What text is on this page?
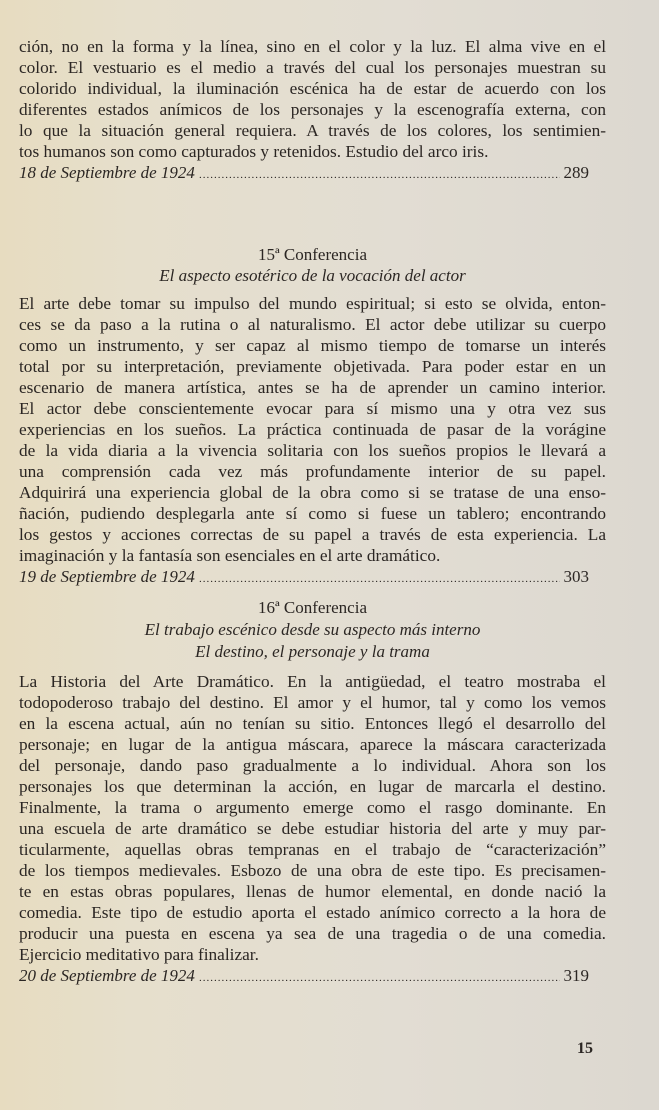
ción, no en la forma y la línea, sino en el color y la luz. El alma vive en el
color. El vestuario es el medio a través del cual los personajes muestran su
colorido individual, la iluminación escénica ha de estar de acuerdo con los
diferentes estados anímicos de los personajes y la escenografía externa, con
lo que la situación general requiera. A través de los colores, los sentimien-
tos humanos son como capturados y retenidos. Estudio del arco iris.
18 de Septiembre de 1924 .....	289
15ª Conferencia
El aspecto esotérico de la vocación del actor
El arte debe tomar su impulso del mundo espiritual; si esto se olvida, enton-
ces se da paso a la rutina o al naturalismo. El actor debe utilizar su cuerpo
como un instrumento, y ser capaz al mismo tiempo de tomarse un interés
total por su interpretación, previamente objetivada. Para poder estar en un
escenario de manera artística, antes se ha de aprender un camino interior.
El actor debe conscientemente evocar para sí mismo una y otra vez sus
experiencias en los sueños. La práctica continuada de pasar de la vorágine
de la vida diaria a la vivencia solitaria con los sueños propios le llevará a
una comprensión cada vez más profundamente interior de su papel.
Adquirirá una experiencia global de la obra como si se tratase de una enso-
ñación, pudiendo desplegarla ante sí como si fuese un tablero; encontrando
los gestos y acciones correctas de su papel a través de esta experiencia. La
imaginación y la fantasía son esenciales en el arte dramático.
19 de Septiembre de 1924 .....	303
16ª Conferencia
El trabajo escénico desde su aspecto más interno
El destino, el personaje y la trama
La Historia del Arte Dramático. En la antigüedad, el teatro mostraba el
todopoderoso trabajo del destino. El amor y el humor, tal y como los vemos
en la escena actual, aún no tenían su sitio. Entonces llegó el desarrollo del
personaje; en lugar de la antigua máscara, aparece la máscara caracterizada
del personaje, dando paso gradualmente a lo individual. Ahora son los
personajes los que determinan la acción, en lugar de marcarla el destino.
Finalmente, la trama o argumento emerge como el rasgo dominante. En
una escuela de arte dramático se debe estudiar historia del arte y muy par-
ticularmente, aquellas obras tempranas en el trabajo de “caracterización”
de los tiempos medievales. Esbozo de una obra de este tipo. Es precisamen-
te en estas obras populares, llenas de humor elemental, en donde nació la
comedia. Este tipo de estudio aporta el estado anímico correcto a la hora de
producir una puesta en escena ya sea de una tragedia o de una comedia.
Ejercicio meditativo para finalizar.
20 de Septiembre de 1924 .....	319
15
